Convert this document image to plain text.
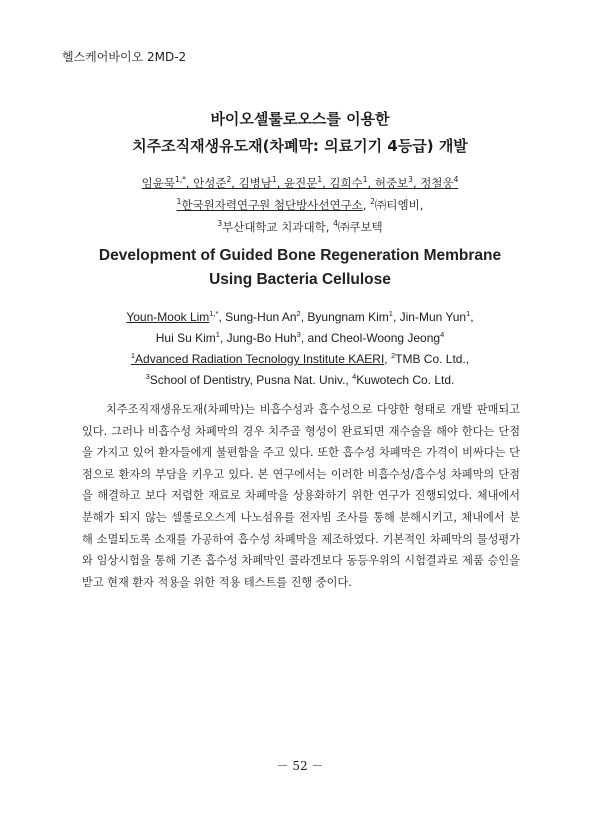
헬스케어바이오 2MD-2
바이오셀룰로오스를 이용한
치주조직재생유도재(차폐막: 의료기기 4등급) 개발
임윤묵$^{1,*}$, 안성준$^2$, 김병남$^1$, 윤진문$^1$, 김희수$^1$, 허중보$^3$, 정철웅$^4$
$^1$한국원자력연구원 첨단방사선연구소, $^2$㈜티엠비,
$^3$부산대학교 치과대학, $^4$㈜쿠보텍
Development of Guided Bone Regeneration Membrane
Using Bacteria Cellulose
Youn-Mook Lim$^{1,*}$, Sung-Hun An$^2$, Byungnam Kim$^1$, Jin-Mun Yun$^1$,
Hui Su Kim$^1$, Jung-Bo Huh$^3$, and Cheol-Woong Jeong$^4$
$^1$Advanced Radiation Tecnology Institute KAERI, $^2$TMB Co. Ltd.,
$^3$School of Dentistry, Pusna Nat. Univ., $^4$Kuwotech Co. Ltd.

치주조직재생유도재(차폐막)는 비흡수성과 흡수성으로 다양한 형태로 개발 판매되고 있다. 그러나 비흡수성 차폐막의 경우 치주골 형성이 완료되면 재수술을 해야 한다는 단점을 가지고 있어 환자들에게 불편함을 주고 있다. 또한 흡수성 차폐막은 가격이 비싸다는 단점으로 환자의 부담을 키우고 있다. 본 연구에서는 이러한 비흡수성/흡수성 차폐막의 단점을 해결하고 보다 저렴한 재료로 차폐막을 상용화하기 위한 연구가 진행되었다. 체내에서 분해가 되지 않는 셀룰로오스계 나노섬유를 전자빔 조사를 통해 분해시키고, 체내에서 분해 소멸되도록 소재를 가공하여 흡수성 차폐막을 제조하였다. 기본적인 차폐막의 물성평가와 임상시험을 통해 기존 흡수성 차폐막인 콜라겐보다 동등우위의 시험결과로 제품 승인을 받고 현재 환자 적용을 위한 적용 테스트를 진행 중이다.

－ 52 －
